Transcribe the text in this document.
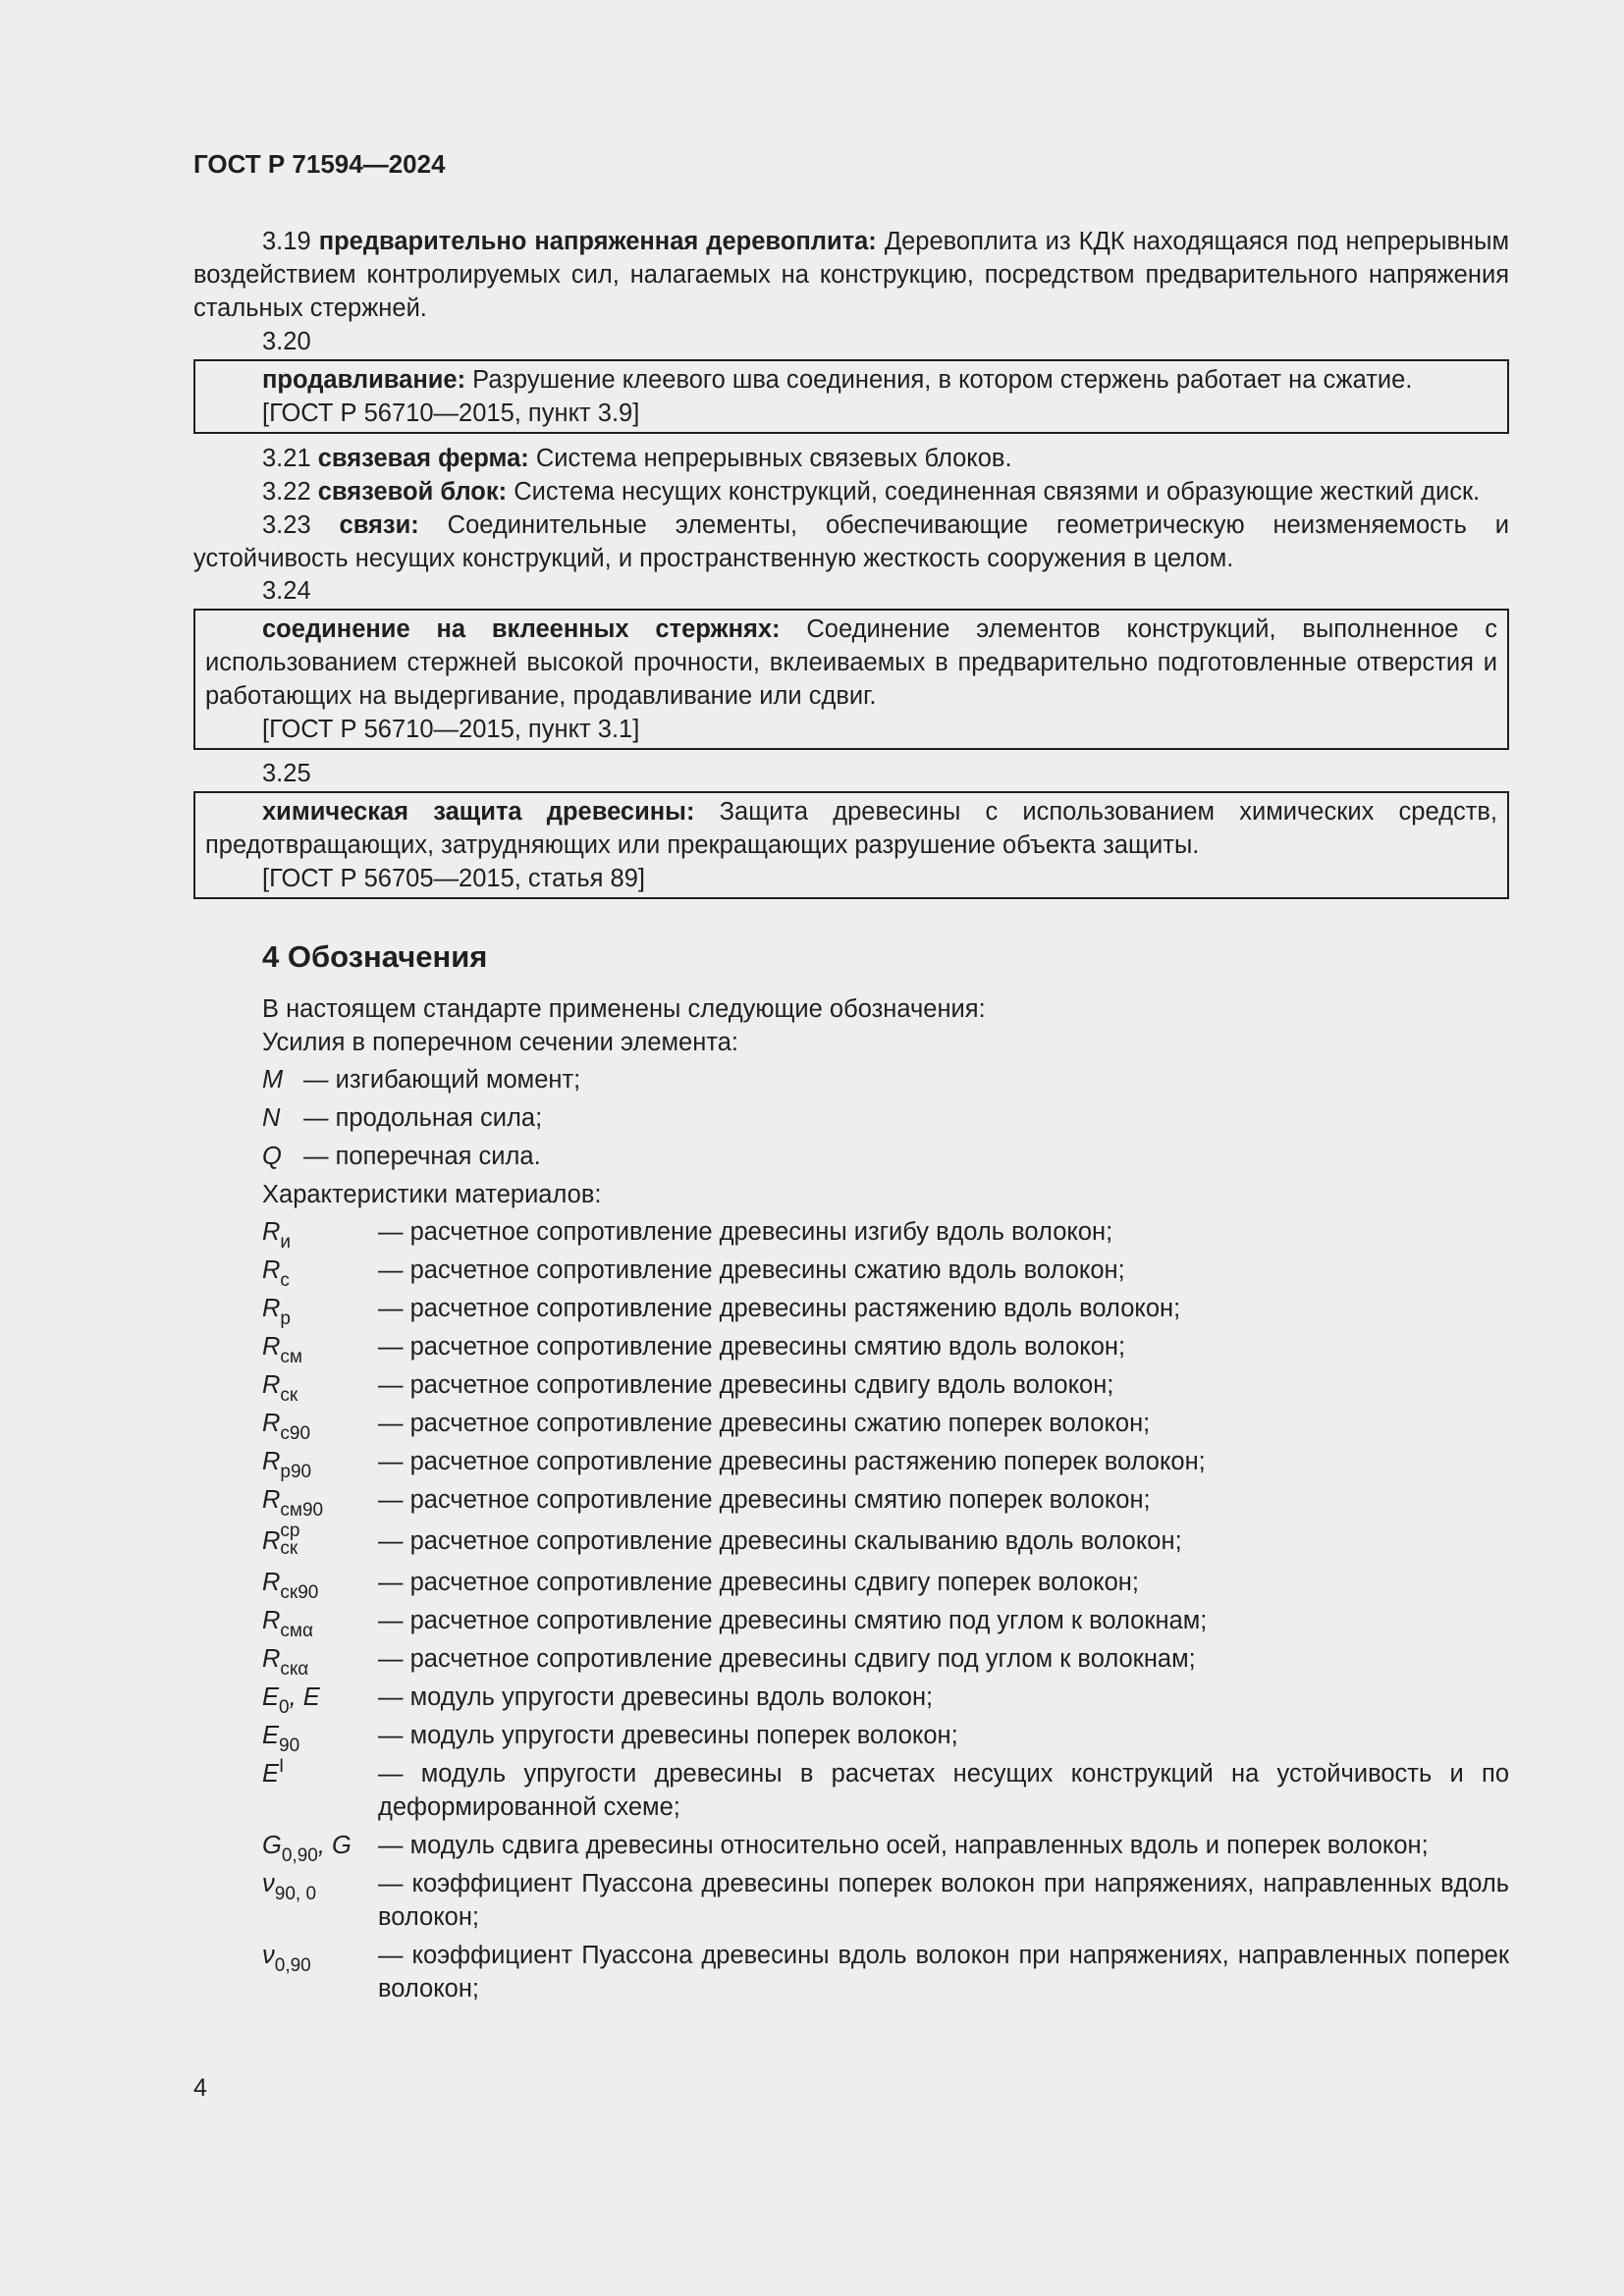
ГОСТ Р 71594—2024

3.19 предварительно напряженная деревоплита: Деревоплита из КДК находящаяся под непрерывным воздействием контролируемых сил, налагаемых на конструкцию, посредством предварительного напряжения стальных стержней.

3.20

продавливание: Разрушение клеевого шва соединения, в котором стержень работает на сжатие.

[ГОСТ Р 56710—2015, пункт 3.9]

3.21 связевая ферма: Система непрерывных связевых блоков.

3.22 связевой блок: Система несущих конструкций, соединенная связями и образующие жесткий диск.

3.23 связи: Соединительные элементы, обеспечивающие геометрическую неизменяемость и устойчивость несущих конструкций, и пространственную жесткость сооружения в целом.

3.24

соединение на вклеенных стержнях: Соединение элементов конструкций, выполненное с использованием стержней высокой прочности, вклеиваемых в предварительно подготовленные отверстия и работающих на выдергивание, продавливание или сдвиг.

[ГОСТ Р 56710—2015, пункт 3.1]

3.25

химическая защита древесины: Защита древесины с использованием химических средств, предотвращающих, затрудняющих или прекращающих разрушение объекта защиты.

[ГОСТ Р 56705—2015, статья 89]

4 Обозначения

В настоящем стандарте применены следующие обозначения:

Усилия в поперечном сечении элемента:

M — изгибающий момент;
N — продольная сила;
Q — поперечная сила.

Характеристики материалов:

$R_и$	— расчетное сопротивление древесины изгибу вдоль волокон;
$R_с$	— расчетное сопротивление древесины сжатию вдоль волокон;
$R_р$	— расчетное сопротивление древесины растяжению вдоль волокон;
$R_{см}$	— расчетное сопротивление древесины смятию вдоль волокон;
$R_{ск}$	— расчетное сопротивление древесины сдвигу вдоль волокон;
$R_{с90}$	— расчетное сопротивление древесины сжатию поперек волокон;
$R_{р90}$	— расчетное сопротивление древесины растяжению поперек волокон;
$R_{см90}$	— расчетное сопротивление древесины смятию поперек волокон;
R ср
ск	— расчетное сопротивление древесины скалыванию вдоль волокон;
$R_{ск90}$	— расчетное сопротивление древесины сдвигу поперек волокон;
$R_{см\alpha}$	— расчетное сопротивление древесины смятию под углом к волокнам;
$R_{ск\alpha}$	— расчетное сопротивление древесины сдвигу под углом к волокнам;
$E_0$, E	— модуль упругости древесины вдоль волокон;
$E_{90}$	— модуль упругости древесины поперек волокон;
$E^I$	— модуль упругости древесины в расчетах несущих конструкций на устойчивость и по деформированной схеме;
$G_{0,90}$, G	— модуль сдвига древесины относительно осей, направленных вдоль и поперек волокон;
$\nu_{90, 0}$	— коэффициент Пуассона древесины поперек волокон при напряжениях, направленных вдоль волокон;
$\nu_{0,90}$	— коэффициент Пуассона древесины вдоль волокон при напряжениях, направленных поперек волокон;
4
